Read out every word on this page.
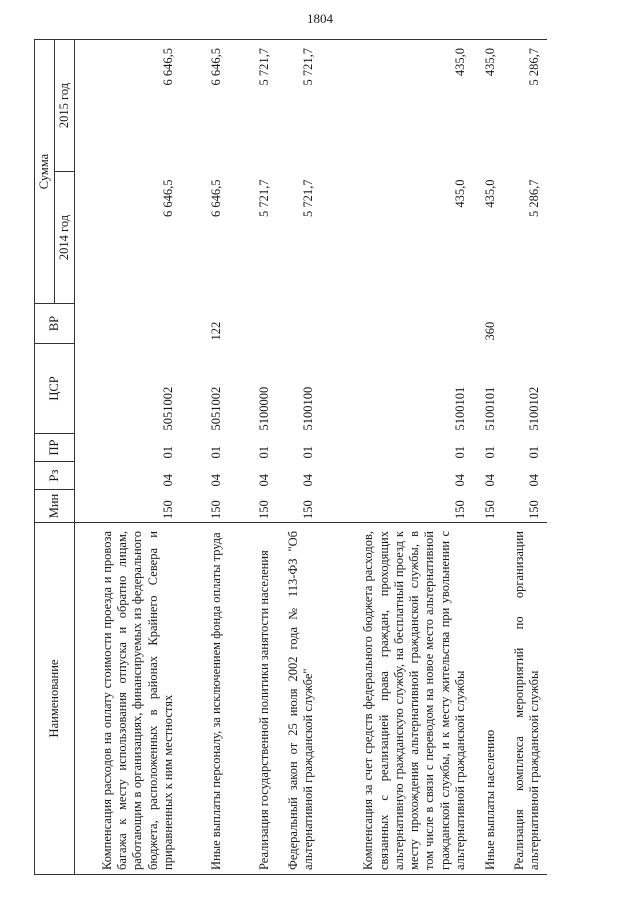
1804
Наименование	Мин	Рз	ПР	ЦСР	ВР	Сумма	
						2014 год	2015 год
Компенсация расходов на оплату стоимости проезда и провоза багажа к месту использования отпуска и обратно лицам, работающим в организациях, финансируемых из федерального бюджета, расположенных в районах Крайнего Севера и приравненных к ним местностях	150	04	01	5051002		6 646,5	6 646,5
Иные выплаты персоналу, за исключением фонда оплаты труда	150	04	01	5051002	122	6 646,5	6 646,5
Реализация государственной политики занятости населения	150	04	01	5100000		5 721,7	5 721,7
Федеральный закон от 25 июля 2002 года № 113-ФЗ "Об альтернативной гражданской службе"	150	04	01	5100100		5 721,7	5 721,7
Компенсация за счет средств федерального бюджета расходов, связанных с реализацией права граждан, проходящих альтернативную гражданскую службу, на бесплатный проезд к месту прохождения альтернативной гражданской службы, в том числе в связи с переводом на новое место альтернативной гражданской службы, и к месту жительства при увольнении с альтернативной гражданской службы	150	04	01	5100101		435,0	435,0
Иные выплаты населению	150	04	01	5100101	360	435,0	435,0
Реализация комплекса мероприятий по организации альтернативной гражданской службы	150	04	01	5100102		5 286,7	5 286,7
